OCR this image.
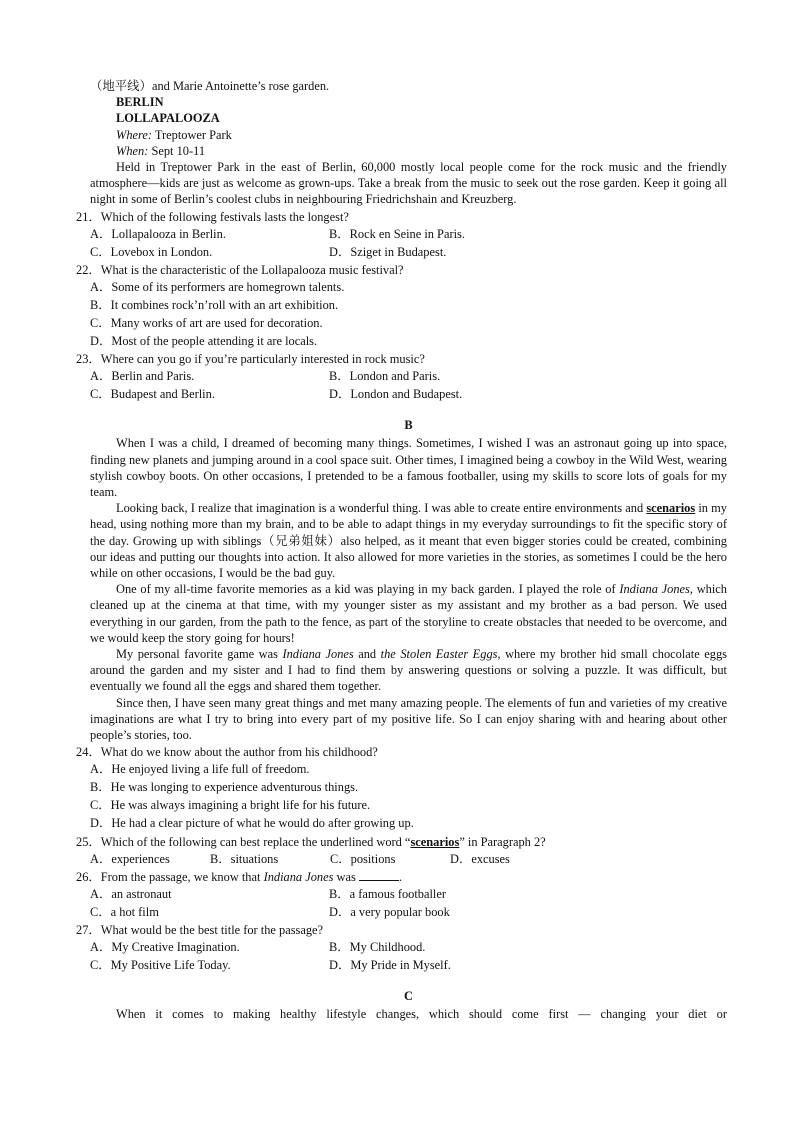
（地平线）and Marie Antoinette’s rose garden.
BERLIN
LOLLAPALOOZA
Where: Treptower Park
When: Sept 10-11
Held in Treptower Park in the east of Berlin, 60,000 mostly local people come for the rock music and the friendly atmosphere—kids are just as welcome as grown-ups. Take a break from the music to seek out the rose garden. Keep it going all night in some of Berlin’s coolest clubs in neighbouring Friedrichshain and Kreuzberg.
21．Which of the following festivals lasts the longest?
A．Lollapalooza in Berlin.	B．Rock en Seine in Paris.
C．Lovebox in London.	D．Sziget in Budapest.
22．What is the characteristic of the Lollapalooza music festival?
A．Some of its performers are homegrown talents.
B．It combines rock’n’roll with an art exhibition.
C．Many works of art are used for decoration.
D．Most of the people attending it are locals.
23．Where can you go if you’re particularly interested in rock music?
A．Berlin and Paris.	B．London and Paris.
C．Budapest and Berlin.	D．London and Budapest.
B
When I was a child, I dreamed of becoming many things. Sometimes, I wished I was an astronaut going up into space, finding new planets and jumping around in a cool space suit. Other times, I imagined being a cowboy in the Wild West, wearing stylish cowboy boots. On other occasions, I pretended to be a famous footballer, using my skills to score lots of goals for my team.
Looking back, I realize that imagination is a wonderful thing. I was able to create entire environments and scenarios in my head, using nothing more than my brain, and to be able to adapt things in my everyday surroundings to fit the specific story of the day. Growing up with siblings（兄弟姐妹）also helped, as it meant that even bigger stories could be created, combining our ideas and putting our thoughts into action. It also allowed for more varieties in the stories, as sometimes I could be the hero while on other occasions, I would be the bad guy.
One of my all-time favorite memories as a kid was playing in my back garden. I played the role of Indiana Jones, which cleaned up at the cinema at that time, with my younger sister as my assistant and my brother as a bad person. We used everything in our garden, from the path to the fence, as part of the storyline to create obstacles that needed to be overcome, and we would keep the story going for hours!
My personal favorite game was Indiana Jones and the Stolen Easter Eggs, where my brother hid small chocolate eggs around the garden and my sister and I had to find them by answering questions or solving a puzzle. It was difficult, but eventually we found all the eggs and shared them together.
Since then, I have seen many great things and met many amazing people. The elements of fun and varieties of my creative imaginations are what I try to bring into every part of my positive life. So I can enjoy sharing with and hearing about other people’s stories, too.
24．What do we know about the author from his childhood?
A．He enjoyed living a life full of freedom.
B．He was longing to experience adventurous things.
C．He was always imagining a bright life for his future.
D．He had a clear picture of what he would do after growing up.
25．Which of the following can best replace the underlined word “scenarios” in Paragraph 2?
A．experiences	B．situations	C．positions	D．excuses
26．From the passage, we know that Indiana Jones was	.
A．an astronaut	B．a famous footballer
C．a hot film	D．a very popular book
27．What would be the best title for the passage?
A．My Creative Imagination.	B．My Childhood.
C．My Positive Life Today.	D．My Pride in Myself.
C
When it comes to making healthy lifestyle changes, which should come first — changing your diet or
